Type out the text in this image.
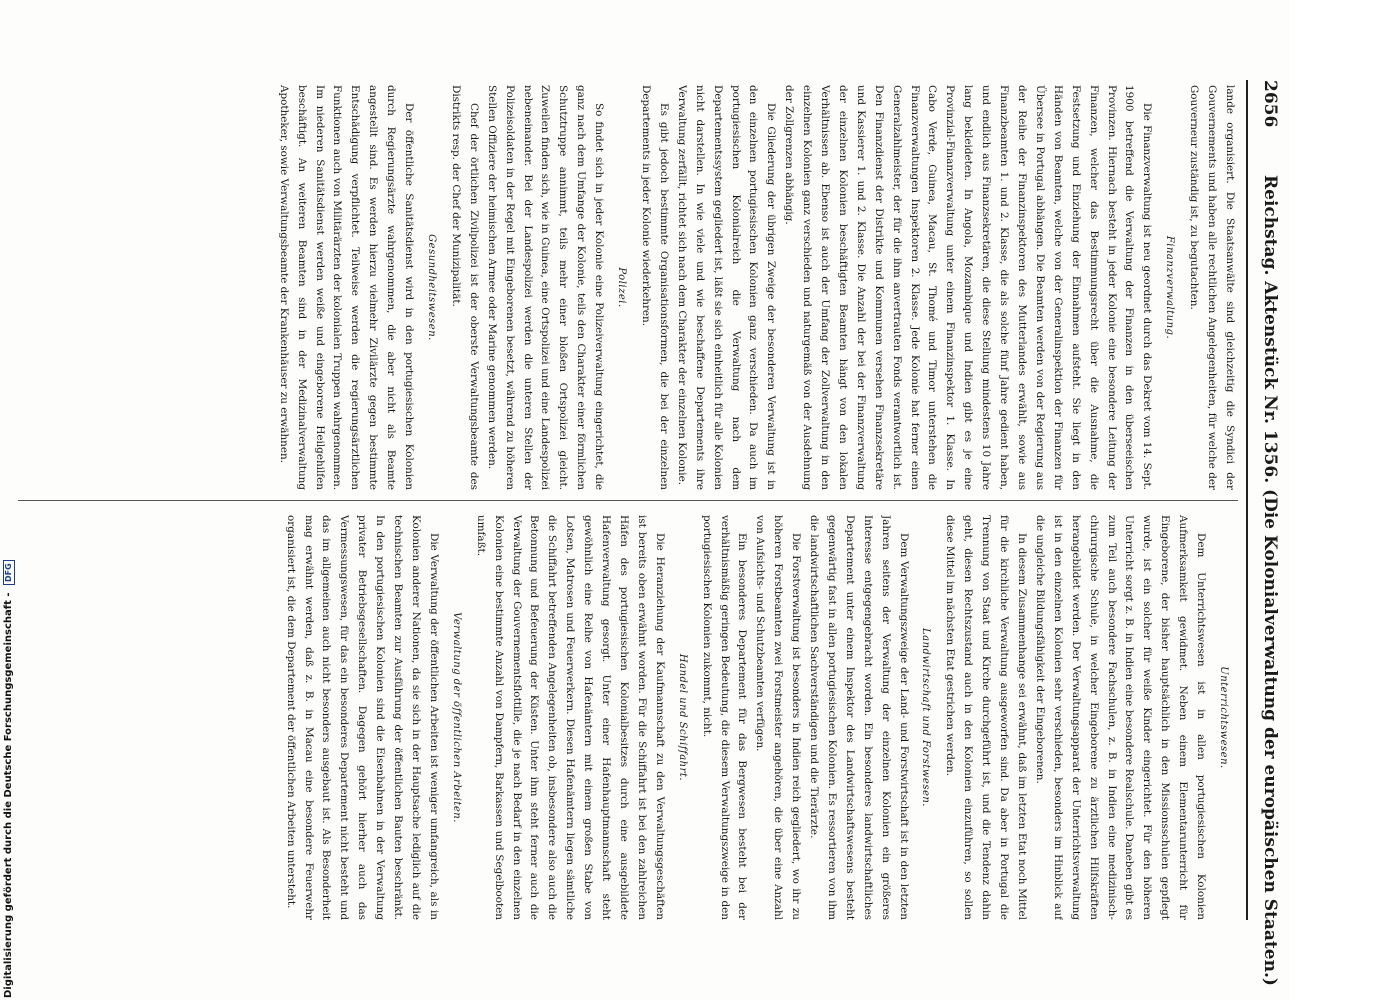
2656
Reichstag. Aktenstück Nr. 1356. (Die Kolonialverwaltung der europäischen Staaten.)

lande organisiert. Die Staatsanwälte sind gleichzeitig die Syndici der Gouvernements und haben alle rechtlichen Angelegenheiten, für welche der Gouverneur zuständig ist, zu begutachten.

Finanzverwaltung.

Die Finanzverwaltung ist neu geordnet durch das Dekret vom 14. Sept. 1900 betreffend die Verwaltung der Finanzen in den überseeischen Provinzen. Hiernach besteht in jeder Kolonie eine besondere Leitung der Finanzen, welcher das Bestimmungsrecht über die Ausnahme, die Festsetzung und Einziehung der Einnahmen aufsteht. Sie liegt in den Händen von Beamten, welche von der Generalinspektion der Finanzen für Übersee in Portugal abhängen. Die Beamten werden von der Regierung aus der Reihe der Finanzinspektoren des Mutterlandes erwählt, sowie aus Finanzbeamten 1. und 2. Klasse, die als solche fünf Jahre gedient haben, und endlich aus Finanzsekretären, die diese Stellung mindestens 10 Jahre lang bekleideten. In Angola, Mozambique und Indien gibt es je eine Provinzial-Finanzverwaltung unter einem Finanzinspektor 1. Klasse. In Cabo Verde, Guinea, Macau, St. Thomé und Timor unterstehen die Finanzverwaltungen Inspektoren 2. Klasse. Jede Kolonie hat ferner einen Generalzahlmeister, der für die ihm anvertrauten Fonds verantwortlich ist. Den Finanzdienst der Distrikte und Kommunen versehen Finanzsekretäre und Kassierer 1. und 2. Klasse. Die Anzahl der bei der Finanzverwaltung der einzelnen Kolonien beschäftigten Beamten hängt von den lokalen Verhältnissen ab. Ebenso ist auch der Umfang der Zollverwaltung in den einzelnen Kolonien ganz verschieden und naturgemäß von der Ausdehnung der Zollgrenzen abhängig.

Die Gliederung der übrigen Zweige der besonderen Verwaltung ist in den einzelnen portugiesischen Kolonien ganz verschieden. Da auch im portugiesischen Kolonialreich die Verwaltung nach dem Departementssystem gegliedert ist, läßt sie sich einheitlich für alle Kolonien nicht darstellen. In wie viele und wie beschaffene Departements ihre Verwaltung zerfällt, richtet sich nach dem Charakter der einzelnen Kolonie.

Es gibt jedoch bestimmte Organisationsformen, die bei der einzelnen Departements in jeder Kolonie wiederkehren.

Polizei.

So findet sich in jeder Kolonie eine Polizeiverwaltung eingerichtet, die ganz nach dem Umfange der Kolonie, teils den Charakter einer förmlichen Schutztruppe annimmt, teils mehr einer bloßen Ortspolizei gleicht. Zuweilen finden sich, wie in Guinea, eine Ortspolizei und eine Landespolizei nebeneinander. Bei der Landespolizei werden die unteren Stellen der Polizeisoldaten in der Regel mit Eingeborenen besetzt, während zu höheren Stellen Offiziere der heimischen Armee oder Marine genommen werden.

Chef der örtlichen Zivilpolizei ist der oberste Verwaltungsbeamte des Distrikts resp. der Chef der Munizipalität.

Gesundheitswesen.

Der öffentliche Sanitätsdienst wird in den portugiesischen Kolonien durch Regierungsärzte wahrgenommen, die aber nicht als Beamte angestellt sind. Es werden hierzu vielmehr Zivilärzte gegen bestimmte Entschädigung verpflichtet. Teilweise werden die regierungsärztlichen Funktionen auch von Militärärzten der kolonialen Truppen wahrgenommen. Im niederen Sanitätsdienst werden weiße und eingeborene Heilgehilfen beschäftigt. An weiteren Beamten sind in der Medizinalverwaltung Apotheker, sowie Verwaltungsbeamte der Krankenhäuser zu erwähnen.

Unterrichtswesen.

Dem Unterrichtswesen ist in allen portugiesischen Kolonien Aufmerksamkeit gewidmet. Neben einem Elementarunterricht für Eingeborene, der bisher hauptsächlich in den Missionsschulen gepflegt wurde, ist ein solcher für weiße Kinder eingerichtet. Für den höheren Unterricht sorgt z. B. in Indien eine besondere Realschule. Daneben gibt es zum Teil auch besondere Fachschulen, z. B. in Indien eine medizinisch-chirurgische Schule, in welcher Eingeborene zu ärztlichen Hilfskräften herangebildet werden. Der Verwaltungsapparat der Unterrichtsverwaltung ist in den einzelnen Kolonien sehr verschieden, besonders im Hinblick auf die ungleiche Bildungsfähigkeit der Eingeborenen.

In diesem Zusammenhange sei erwähnt, daß im letzten Etat noch Mittel für die kirchliche Verwaltung ausgeworfen sind. Da aber in Portugal die Trennung von Staat und Kirche durchgeführt ist, und die Tendenz dahin geht, diesen Rechtszustand auch in den Kolonien einzuführen, so sollen diese Mittel im nächsten Etat gestrichen werden.

Landwirtschaft und Forstwesen.

Dem Verwaltungszweige der Land- und Forstwirtschaft ist in den letzten Jahren seitens der Verwaltung der einzelnen Kolonien ein größeres Interesse entgegengebracht worden. Ein besonderes landwirtschaftliches Departement unter einem Inspektor des Landwirtschaftswesens besteht gegenwärtig fast in allen portugiesischen Kolonien. Es ressortieren von ihm die landwirtschaftlichen Sachverständigen und die Tierärzte.

Die Forstverwaltung ist besonders in Indien reich gegliedert, wo ihr zu höheren Forstbeamten zwei Forstmeister angehören, die über eine Anzahl von Aufsichts- und Schutzbeamten verfügen.

Ein besonderes Departement für das Bergwesen besteht bei der verhältnismäßig geringen Bedeutung, die diesem Verwaltungszweige in den portugiesischen Kolonien zukommt, nicht.

Handel und Schiffahrt.

Die Heranziehung der Kaufmannschaft zu den Verwaltungsgeschäften ist bereits oben erwähnt worden. Für die Schiffahrt ist bei den zahlreichen Häfen des portugiesischen Kolonialbesitzes durch eine ausgebildete Hafenverwaltung gesorgt. Unter einer Hafenhauptmannschaft steht gewöhnlich eine Reihe von Hafenämtern mit einem großen Stabe von Lotsen, Matrosen und Feuerwerkern. Diesen Hafenämtern liegen sämtliche die Schiffahrt betreffenden Angelegenheiten ob, insbesondere also auch die Betonnung und Befeuerung der Küsten. Unter ihm steht ferner auch die Verwaltung der Gouvernementsflottille, die je nach Bedarf in den einzelnen Kolonien eine bestimmte Anzahl von Dampfern, Barkassen und Segelbooten umfaßt.

Verwaltung der öffentlichen Arbeiten.

Die Verwaltung der öffentlichen Arbeiten ist weniger umfangreich, als in Kolonien anderer Nationen, da sie sich in der Hauptsache lediglich auf die technischen Beamten zur Ausführung der öffentlichen Bauten beschränkt. In den portugiesischen Kolonien sind die Eisenbahnen in der Verwaltung privater Betriebsgesellschaften. Dagegen gehört hierher auch das Vermessungswesen, für das ein besonderes Departement nicht besteht und das im allgemeinen auch nicht besonders ausgebaut ist. Als Besonderheit mag erwähnt werden, daß z. B. in Macau eine besondere Feuerwehr organisiert ist, die dem Departement der öffentlichen Arbeiten untersteht.

Digitalisierung gefördert durch die Deutsche Forschungsgemeinschaft - DFG
